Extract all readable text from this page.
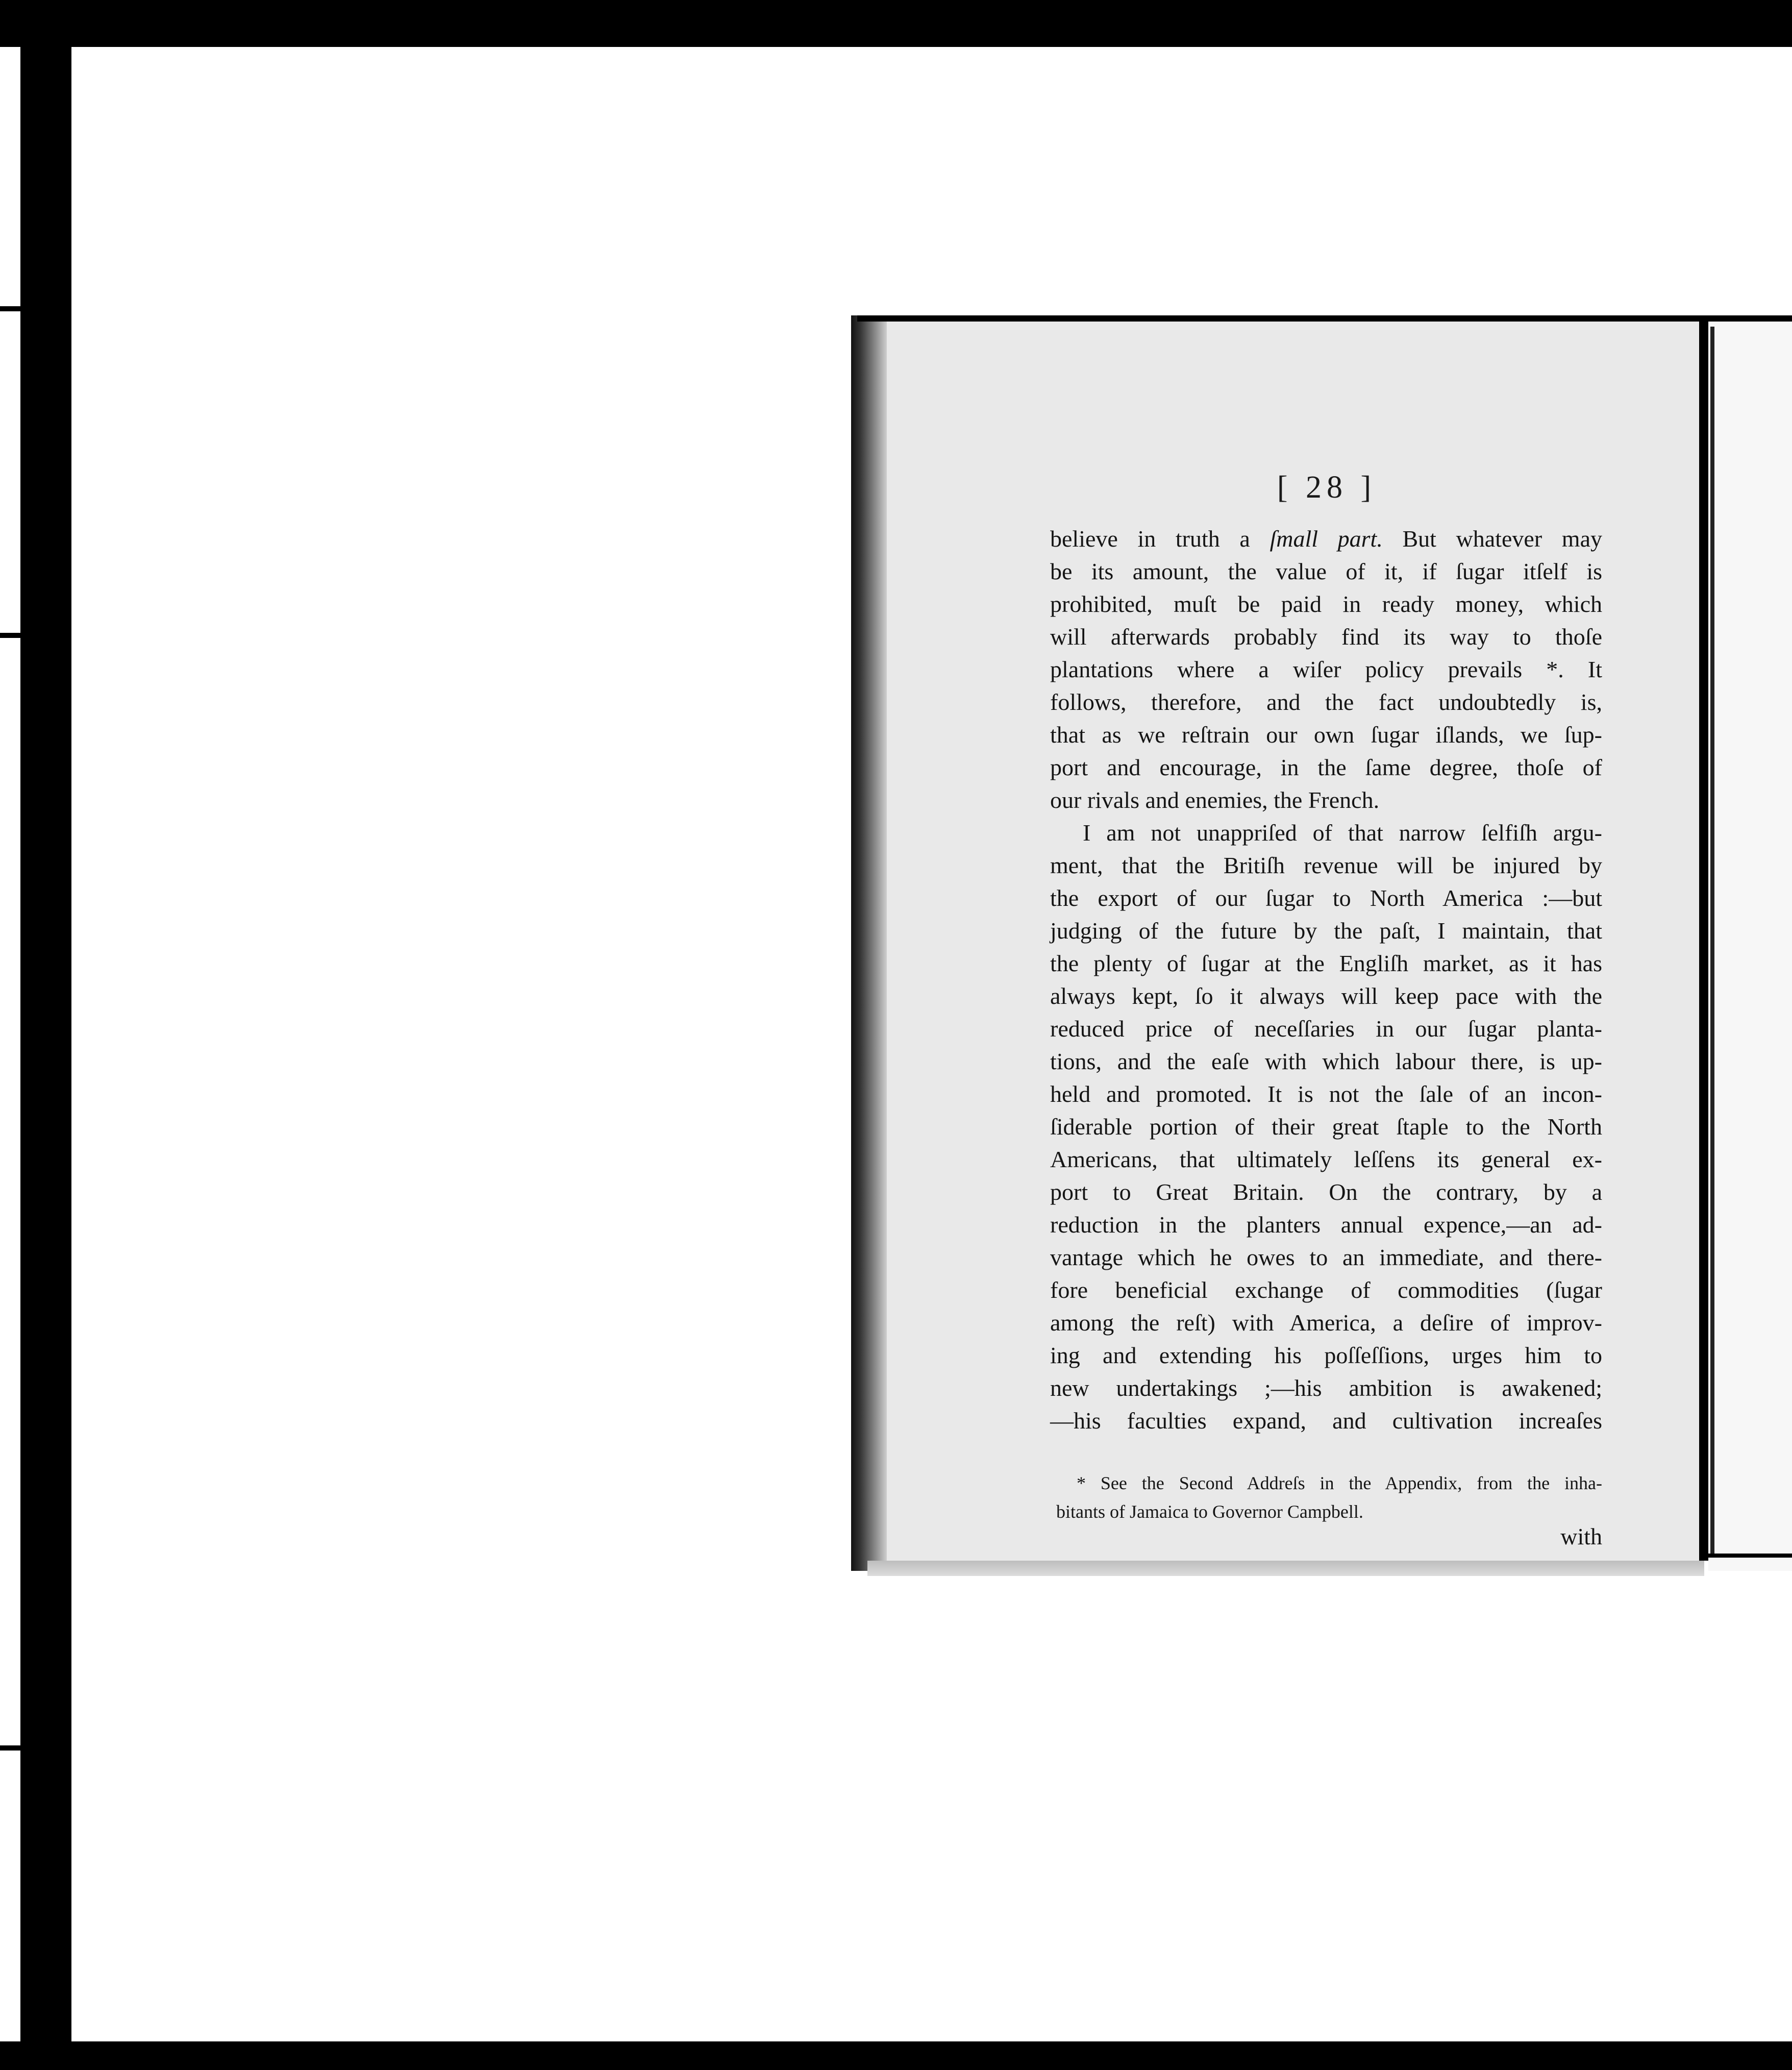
[ 28 ]
believe in truth a ſmall part. But whatever may
be its amount, the value of it, if ſugar itſelf is
prohibited, muſt be paid in ready money, which
will afterwards probably find its way to thoſe
plantations where a wiſer policy prevails *. It
follows, therefore, and the fact undoubtedly is,
that as we reſtrain our own ſugar iſlands, we ſup-
port and encourage, in the ſame degree, thoſe of
our rivals and enemies, the French.
I am not unappriſed of that narrow ſelfiſh argu-
ment, that the Britiſh revenue will be injured by
the export of our ſugar to North America :—but
judging of the future by the paſt, I maintain, that
the plenty of ſugar at the Engliſh market, as it has
always kept, ſo it always will keep pace with the
reduced price of neceſſaries in our ſugar planta-
tions, and the eaſe with which labour there, is up-
held and promoted. It is not the ſale of an incon-
ſiderable portion of their great ſtaple to the North
Americans, that ultimately leſſens its general ex-
port to Great Britain. On the contrary, by a
reduction in the planters annual expence,—an ad-
vantage which he owes to an immediate, and there-
fore beneficial exchange of commodities (ſugar
among the reſt) with America, a deſire of improv-
ing and extending his poſſeſſions, urges him to
new undertakings ;—his ambition is awakened;
—his faculties expand, and cultivation increaſes
* See the Second Addreſs in the Appendix, from the inha-
bitants of Jamaica to Governor Campbell.
with
